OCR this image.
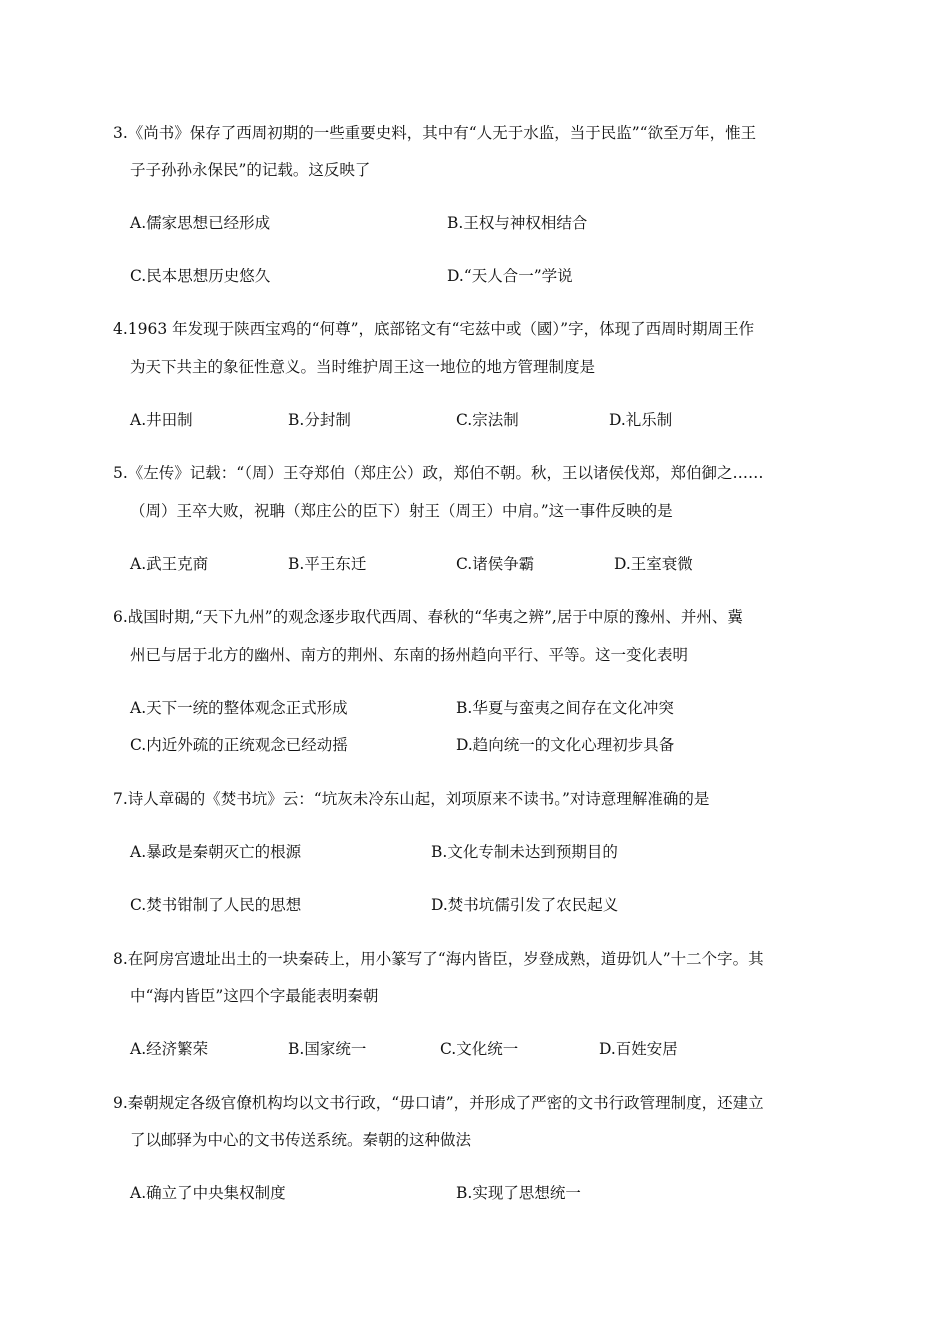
3.《尚书》保存了西周初期的一些重要史料，其中有“人无于水监，当于民监”“欲至万年，惟王
子子孙孙永保民”的记载。这反映了
A.儒家思想已经形成	B.王权与神权相结合
C.民本思想历史悠久	D.“天人合一”学说
4.1963 年发现于陕西宝鸡的“何尊”，底部铭文有“宅兹中或（國）”字，体现了西周时期周王作
为天下共主的象征性意义。当时维护周王这一地位的地方管理制度是
A.井田制	B.分封制	C.宗法制	D.礼乐制
5.《左传》记载：“（周）王夺郑伯（郑庄公）政，郑伯不朝。秋，王以诸侯伐郑，郑伯御之……
（周）王卒大败，祝聃（郑庄公的臣下）射王（周王）中肩。”这一事件反映的是
A.武王克商	B.平王东迁	C.诸侯争霸	D.王室衰微
6.战国时期,“天下九州”的观念逐步取代西周、春秋的“华夷之辨”,居于中原的豫州、并州、冀
州已与居于北方的幽州、南方的荆州、东南的扬州趋向平行、平等。这一变化表明
A.天下一统的整体观念正式形成	B.华夏与蛮夷之间存在文化冲突
C.内近外疏的正统观念已经动摇	D.趋向统一的文化心理初步具备
7.诗人章碣的《焚书坑》云：“坑灰未冷东山起，刘项原来不读书。”对诗意理解准确的是
A.暴政是秦朝灭亡的根源	B.文化专制未达到预期目的
C.焚书钳制了人民的思想	D.焚书坑儒引发了农民起义
8.在阿房宫遗址出土的一块秦砖上，用小篆写了“海内皆臣，岁登成熟，道毋饥人”十二个字。其
中“海内皆臣”这四个字最能表明秦朝
A.经济繁荣	B.国家统一	C.文化统一	D.百姓安居
9.秦朝规定各级官僚机构均以文书行政，“毋口请”，并形成了严密的文书行政管理制度，还建立
了以邮驿为中心的文书传送系统。秦朝的这种做法
A.确立了中央集权制度	B.实现了思想统一
